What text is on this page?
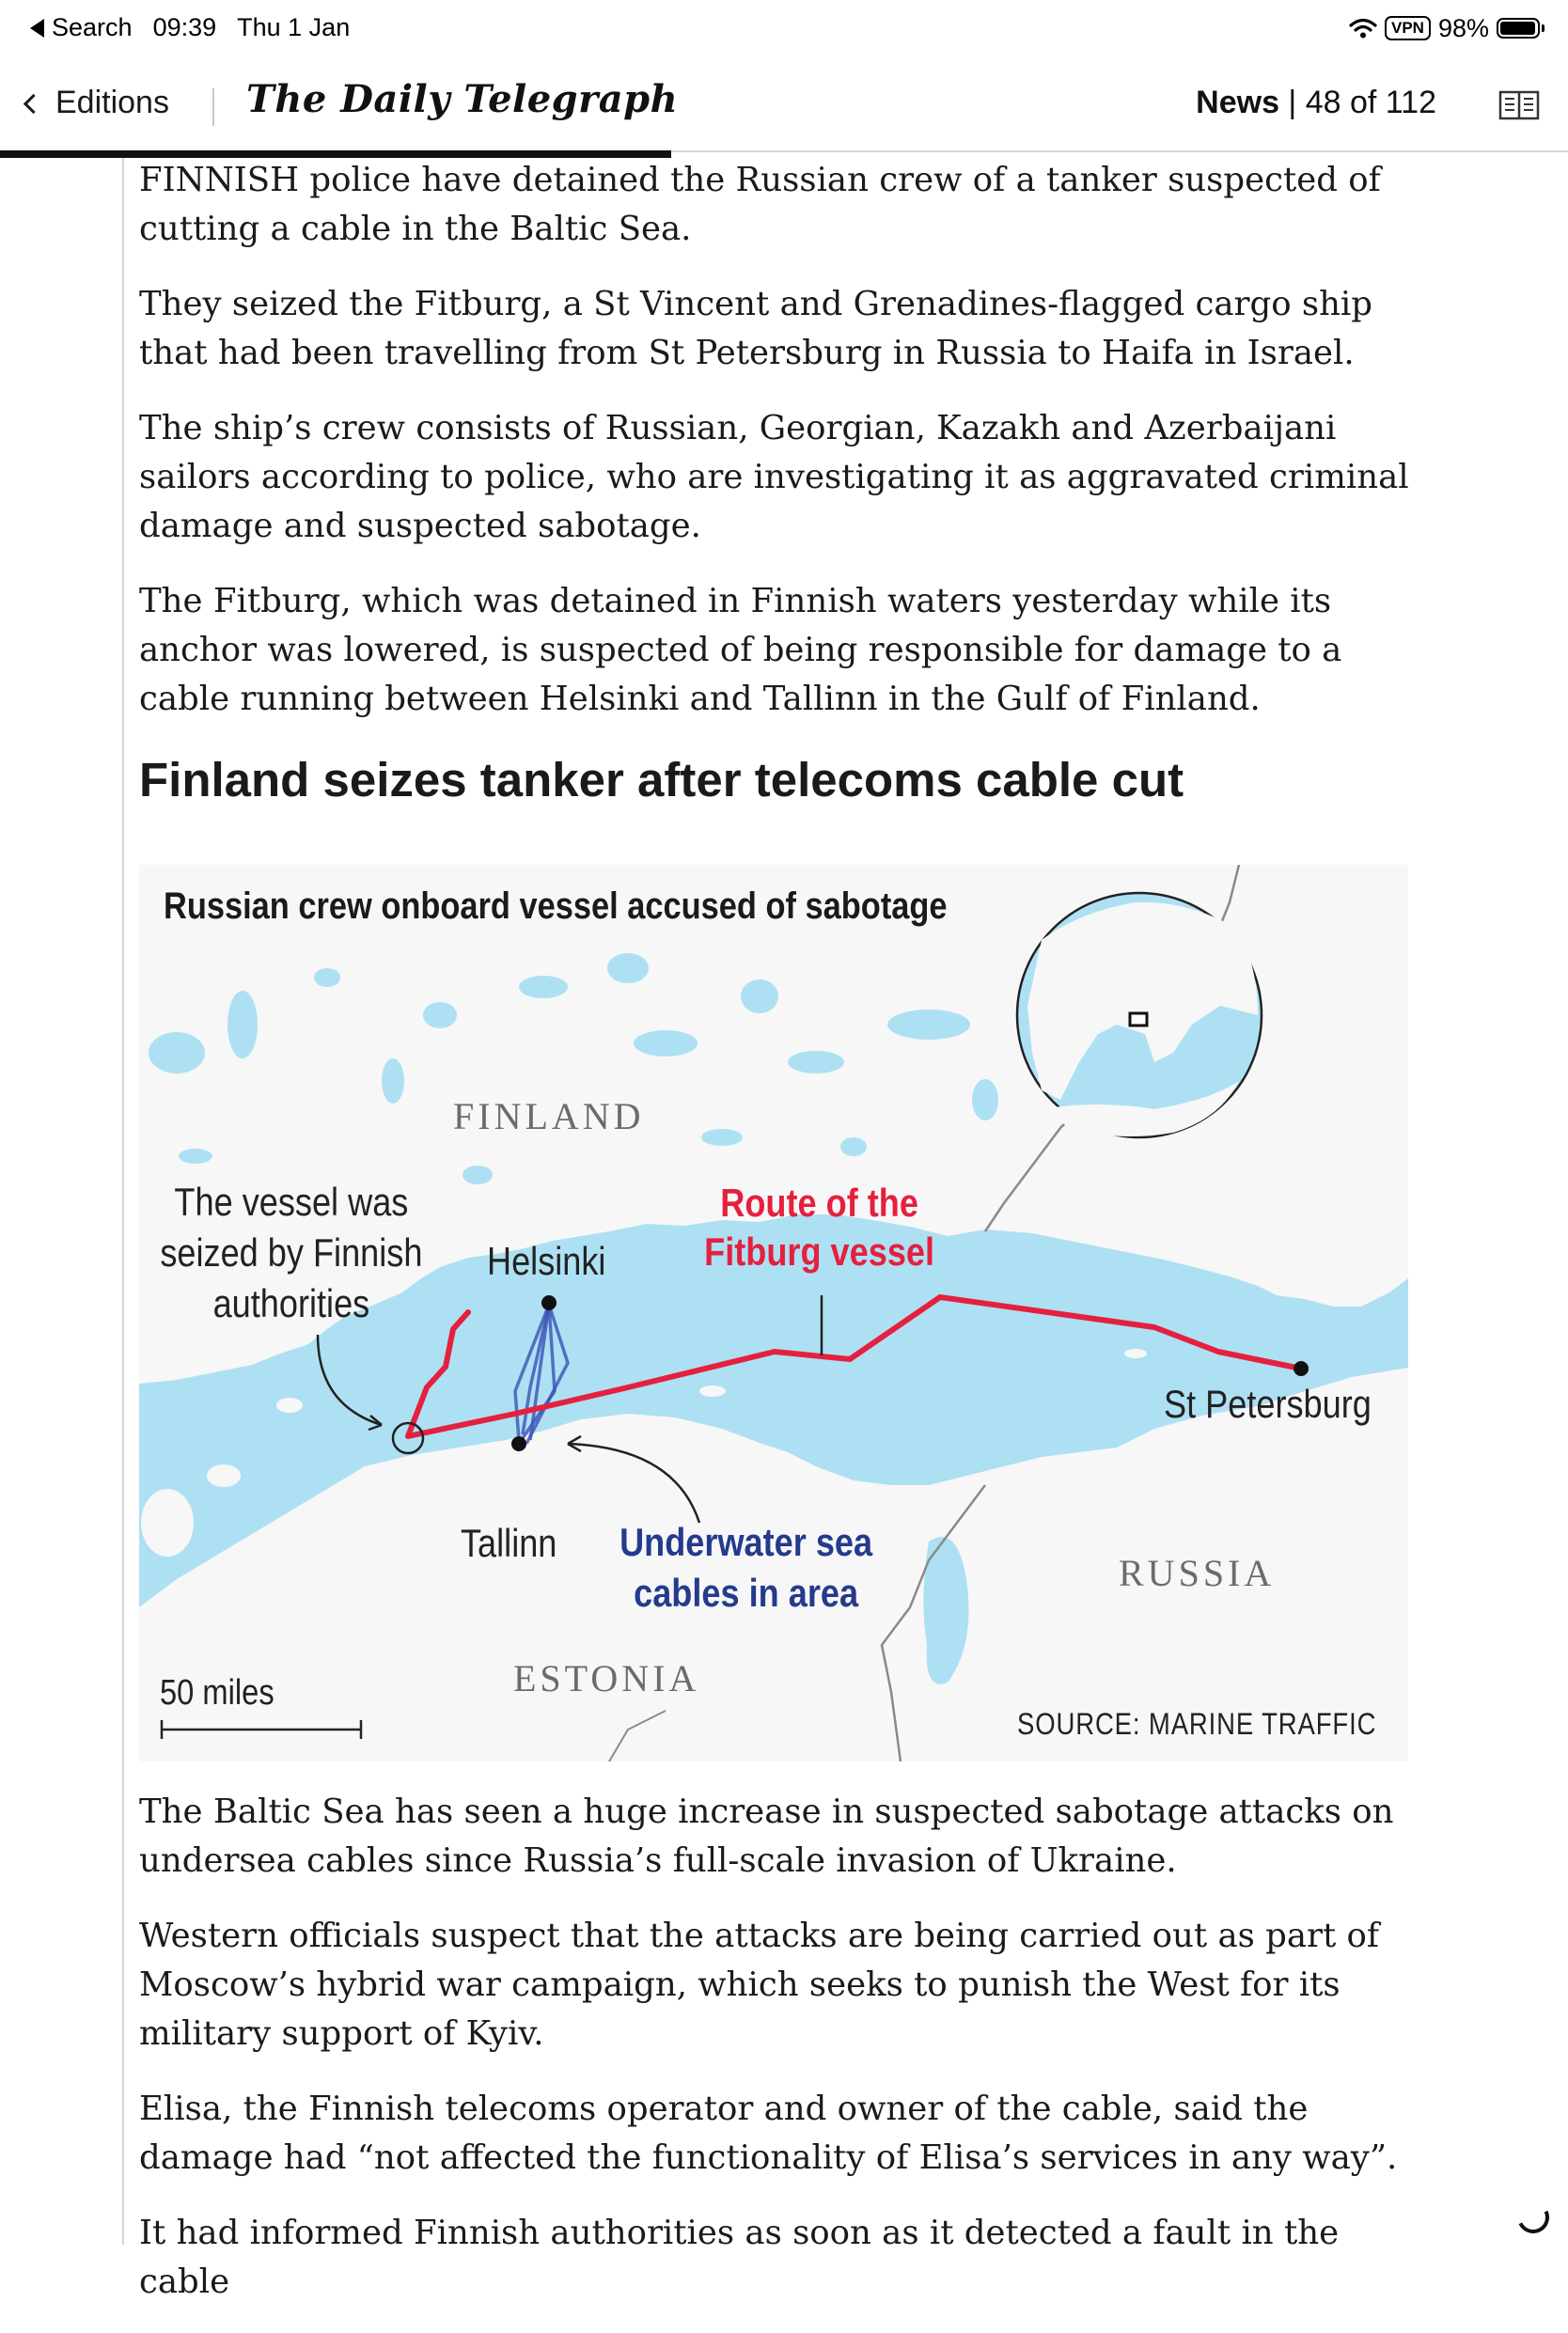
Search 09:39 Thu 1 Jan	VPN 98%
Editions The Daily Telegraph	News | 48 of 112

FINNISH police have detained the Russian crew of a tanker suspected of cutting a cable in the Baltic Sea.

They seized the Fitburg, a St Vincent and Grenadines-flagged cargo ship that had been travelling from St Petersburg in Russia to Haifa in Israel.

The ship’s crew consists of Russian, Georgian, Kazakh and Azerbaijani sailors according to police, who are investigating it as aggravated criminal damage and suspected sabotage.

The Fitburg, which was detained in Finnish waters yesterday while its anchor was lowered, is suspected of being responsible for damage to a cable running between Helsinki and Tallinn in the Gulf of Finland.

Finland seizes tanker after telecoms cable cut
Russian crew onboard vessel accused of sabotage
FINLAND
ESTONIA
RUSSIA
The vessel was
seized by Finnish
authorities
Helsinki
Tallinn
St Petersburg
Route of the
Fitburg vessel
Underwater sea
cables in area
50 miles
SOURCE: MARINE TRAFFIC

The Baltic Sea has seen a huge increase in suspected sabotage attacks on undersea cables since Russia’s full-scale invasion of Ukraine.

Western officials suspect that the attacks are being carried out as part of Moscow’s hybrid war campaign, which seeks to punish the West for its military support of Kyiv.

Elisa, the Finnish telecoms operator and owner of the cable, said the damage had “not affected the functionality of Elisa’s services in any way”.

It had informed Finnish authorities as soon as it detected a fault in the cable
